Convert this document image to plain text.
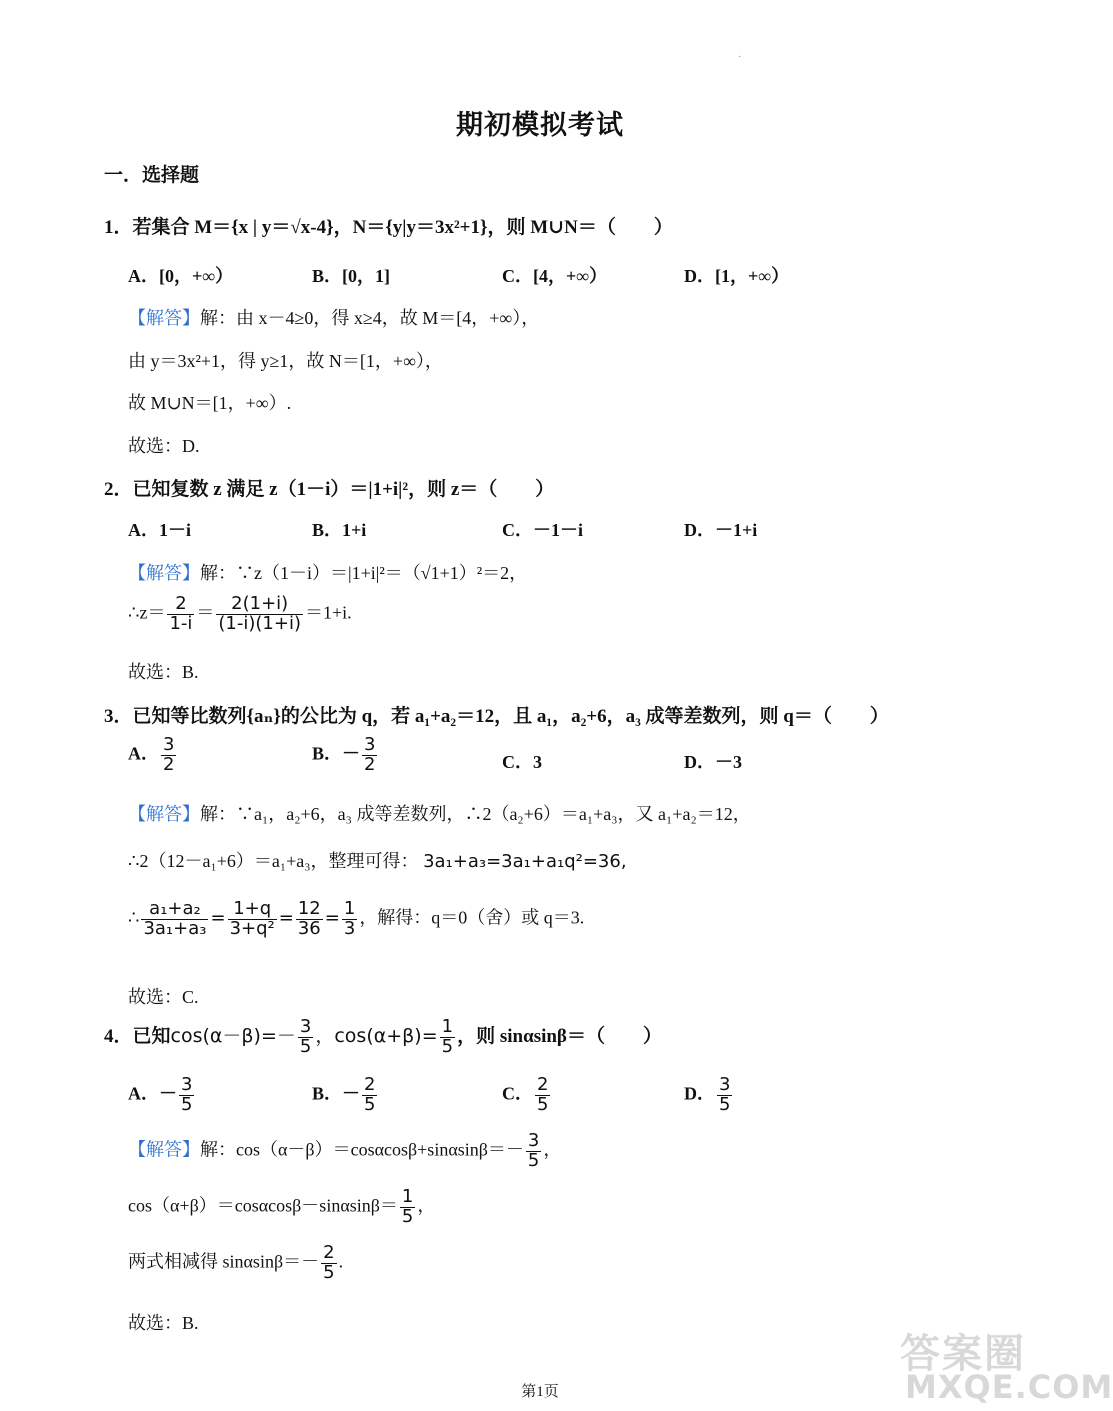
·
期初模拟考试
一．选择题
1．若集合 M＝{x | y＝√x-4}，N＝{y|y＝3x²+1}，则 M∪N＝（　　）
A．[0，+∞）	B．[0，1]	C．[4，+∞）	D．[1，+∞）
【解答】解：由 x－4≥0，得 x≥4，故 M＝[4，+∞），
由 y＝3x²+1，得 y≥1，故 N＝[1，+∞），
故 M∪N＝[1，+∞）.
故选：D.
2．已知复数 z 满足 z（1－i）＝|1+i|²，则 z＝（　　）
A．1－i	B．1+i	C．－1－i	D．－1+i
【解答】解：∵z（1－i）＝|1+i|²＝（√1+1）²＝2，
∴z＝ $\frac{2}{1-i} = \frac{2(1+i)}{(1-i)(1+i)} =1+i$.
故选：B.
3．已知等比数列{aₙ}的公比为 q，若 a₁+a₂＝12，且 a₁，a₂+6，a₃ 成等差数列，则 q＝（　　）
A． $\frac{3}{2}$	B．－ $\frac{3}{2}$	C．3	D．－3
【解答】解：∵a₁，a₂+6，a₃ 成等差数列，∴2（a₂+6）＝a₁+a₃，又 a₁+a₂＝12，
∴2（12－a₁+6）＝a₁+a₃，整理可得： 3a₁+a₃=3a₁+a₁q²=36,
∴ $\frac{\text{a₁+a₂}}{\text{3a₁+a₃}} = \frac{1+q}{\text{3+q²}} = \frac{12}{36} = \frac{1}{3}$ ，解得：q＝0（舍）或 q＝3.
故选：C.
4．已知$\cos(\alpha-\beta)=- \frac{3}{5}$ ，$\cos(\alpha+\beta)= \frac{1}{5}$ ，则 sinαsinβ＝（　　）
A．－ $\frac{3}{5}$	B．－ $\frac{2}{5}$	C． $\frac{2}{5}$	D． $\frac{3}{5}$
【解答】解：$\cos(\alpha-\beta)=\cos\alpha\cos\beta+\sin\alpha\sin\beta=- \frac{3}{5}$ ，
$\cos(\alpha+\beta)=\cos\alpha\cos\beta-\sin\alpha\sin\beta= \frac{1}{5}$ ，
两式相减得 $\sin\alpha\sin\beta=- \frac{2}{5}$ .
故选：B.
答案圈
MXQE.COM
第1页
